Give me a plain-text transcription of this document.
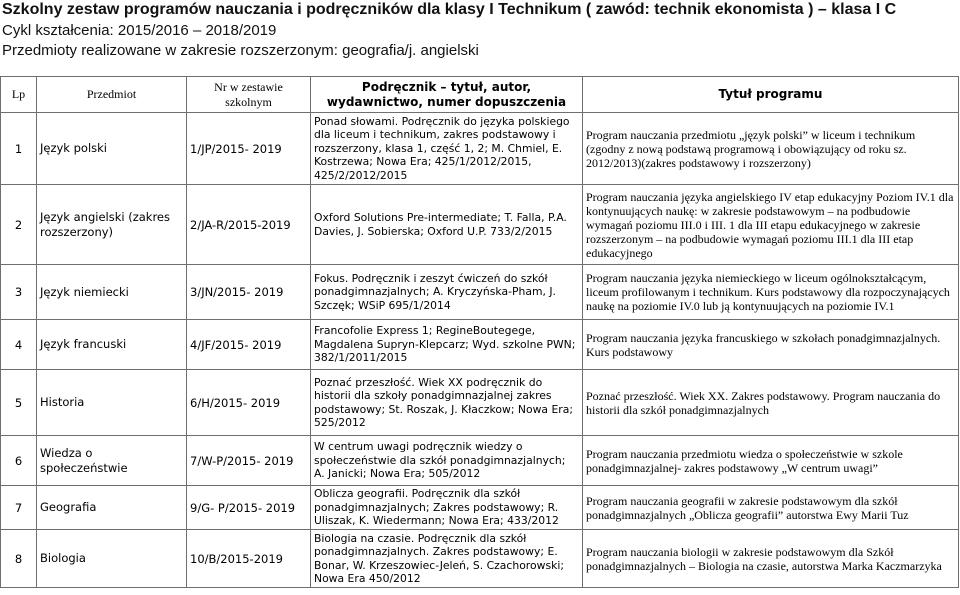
Szkolny zestaw programów nauczania i podręczników dla klasy I Technikum ( zawód: technik ekonomista ) – klasa I C
Cykl kształcenia: 2015/2016 – 2018/2019
Przedmioty realizowane w zakresie rozszerzonym: geografia/j. angielski
Lp	Przedmiot	Nr w zestawie szkolnym	Podręcznik – tytuł, autor, wydawnictwo, numer dopuszczenia	Tytuł programu
1	Język polski	1/JP/2015- 2019	Ponad słowami. Podręcznik do języka polskiego dla liceum i technikum, zakres podstawowy i rozszerzony, klasa 1, część 1, 2; M. Chmiel, E. Kostrzewa; Nowa Era; 425/1/2012/2015, 425/2/2012/2015	Program nauczania przedmiotu „język polski” w liceum i technikum (zgodny z nową podstawą programową i obowiązujący od roku sz. 2012/2013)(zakres podstawowy i rozszerzony)
2	Język angielski (zakres rozszerzony)	2/JA-R/2015-2019	Oxford Solutions Pre-intermediate; T. Falla, P.A. Davies, J. Sobierska; Oxford U.P. 733/2/2015	Program nauczania języka angielskiego IV etap edukacyjny Poziom IV.1 dla kontynuujących naukę: w zakresie podstawowym – na podbudowie wymagań poziomu III.0 i III. 1 dla III etapu edukacyjnego w zakresie rozszerzonym – na podbudowie wymagań poziomu III.1 dla III etap edukacyjnego
3	Język niemiecki	3/JN/2015- 2019	Fokus. Podręcznik i zeszyt ćwiczeń do szkół ponadgimnazjalnych; A. Kryczyńska-Pham, J. Szczęk; WSiP 695/1/2014	Program nauczania języka niemieckiego w liceum ogólnokształcącym, liceum profilowanym i technikum. Kurs podstawowy dla rozpoczynających naukę na poziomie IV.0 lub ją kontynuujących na poziomie IV.1
4	Język francuski	4/JF/2015- 2019	Francofolie Express 1; RegineBoutegege, Magdalena Supryn-Klepcarz; Wyd. szkolne PWN; 382/1/2011/2015	Program nauczania języka francuskiego w szkołach ponadgimnazjalnych. Kurs podstawowy
5	Historia	6/H/2015- 2019	Poznać przeszłość. Wiek XX podręcznik do historii dla szkoły ponadgimnazjalnej zakres podstawowy; St. Roszak, J. Kłaczkow; Nowa Era; 525/2012	Poznać przeszłość. Wiek XX. Zakres podstawowy. Program nauczania do historii dla szkół ponadgimnazjalnych
6	Wiedza o społeczeństwie	7/W-P/2015- 2019	W centrum uwagi podręcznik wiedzy o społeczeństwie dla szkół ponadgimnazjalnych; A. Janicki; Nowa Era; 505/2012	Program nauczania przedmiotu wiedza o społeczeństwie w szkole ponadgimnazjalnej- zakres podstawowy „W centrum uwagi”
7	Geografia	9/G- P/2015- 2019	Oblicza geografii. Podręcznik dla szkół ponadgimnazjalnych; Zakres podstawowy; R. Uliszak, K. Wiedermann; Nowa Era; 433/2012	Program nauczania geografii w zakresie podstawowym dla szkół ponadgimnazjalnych „Oblicza geografii” autorstwa Ewy Marii Tuz
8	Biologia	10/B/2015-2019	Biologia na czasie. Podręcznik dla szkół ponadgimnazjalnych. Zakres podstawowy; E. Bonar, W. Krzeszowiec-Jeleń, S. Czachorowski; Nowa Era 450/2012	Program nauczania biologii w zakresie podstawowym dla Szkół ponadgimnazjalnych – Biologia na czasie, autorstwa Marka Kaczmarzyka
